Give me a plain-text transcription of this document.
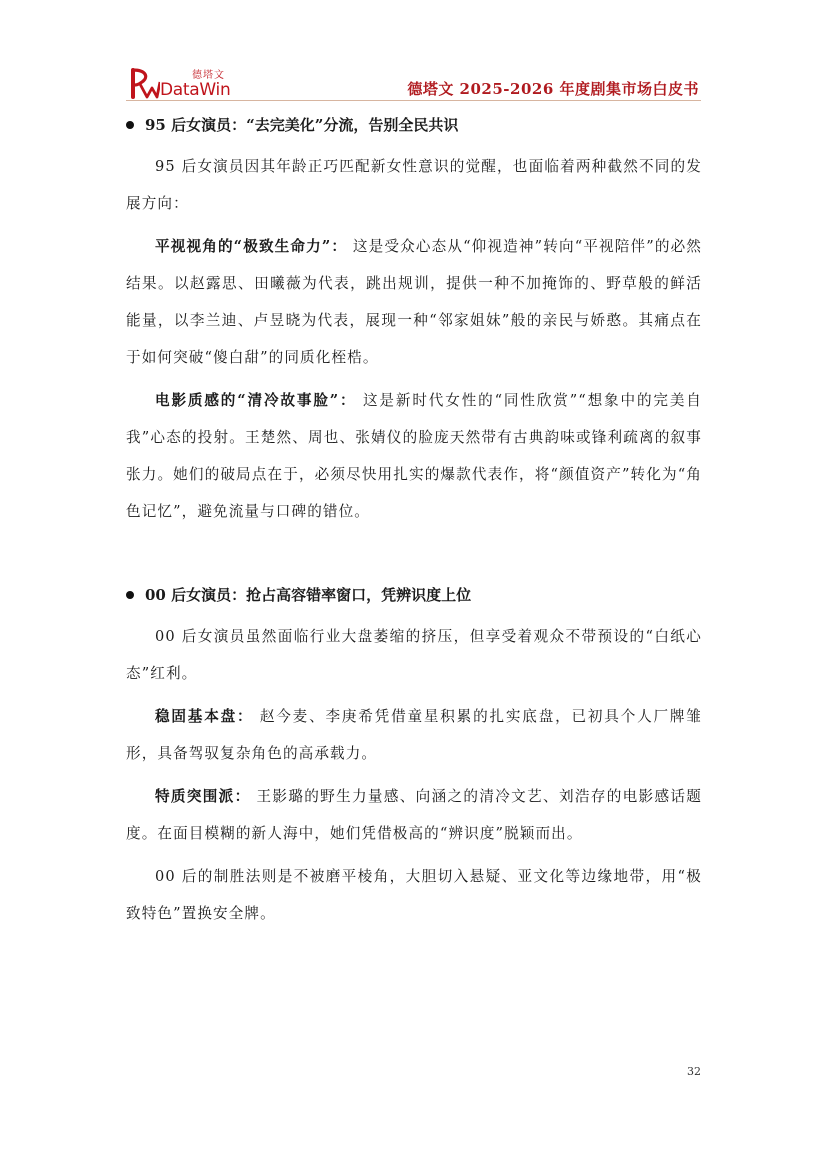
德塔文
DataWin	德塔文 2025-2026 年度剧集市场白皮书
95 后女演员：“去完美化”分流，告别全民共识

95 后女演员因其年龄正巧匹配新女性意识的觉醒，也面临着两种截然不同的发展方向：

平视视角的“极致生命力”： 这是受众心态从“仰视造神”转向“平视陪伴”的必然结果。以赵露思、田曦薇为代表，跳出规训，提供一种不加掩饰的、野草般的鲜活能量，以李兰迪、卢昱晓为代表，展现一种“邻家姐妹”般的亲民与娇憨。其痛点在于如何突破“傻白甜”的同质化桎梏。

电影质感的“清冷故事脸”： 这是新时代女性的“同性欣赏”“想象中的完美自我”心态的投射。王楚然、周也、张婧仪的脸庞天然带有古典韵味或锋利疏离的叙事张力。她们的破局点在于，必须尽快用扎实的爆款代表作，将“颜值资产”转化为“角色记忆”，避免流量与口碑的错位。

00 后女演员：抢占高容错率窗口，凭辨识度上位

00 后女演员虽然面临行业大盘萎缩的挤压，但享受着观众不带预设的“白纸心态”红利。

稳固基本盘： 赵今麦、李庚希凭借童星积累的扎实底盘，已初具个人厂牌雏形，具备驾驭复杂角色的高承载力。

特质突围派： 王影璐的野生力量感、向涵之的清冷文艺、刘浩存的电影感话题度。在面目模糊的新人海中，她们凭借极高的“辨识度”脱颖而出。

00 后的制胜法则是不被磨平棱角，大胆切入悬疑、亚文化等边缘地带，用“极致特色”置换安全牌。

32
